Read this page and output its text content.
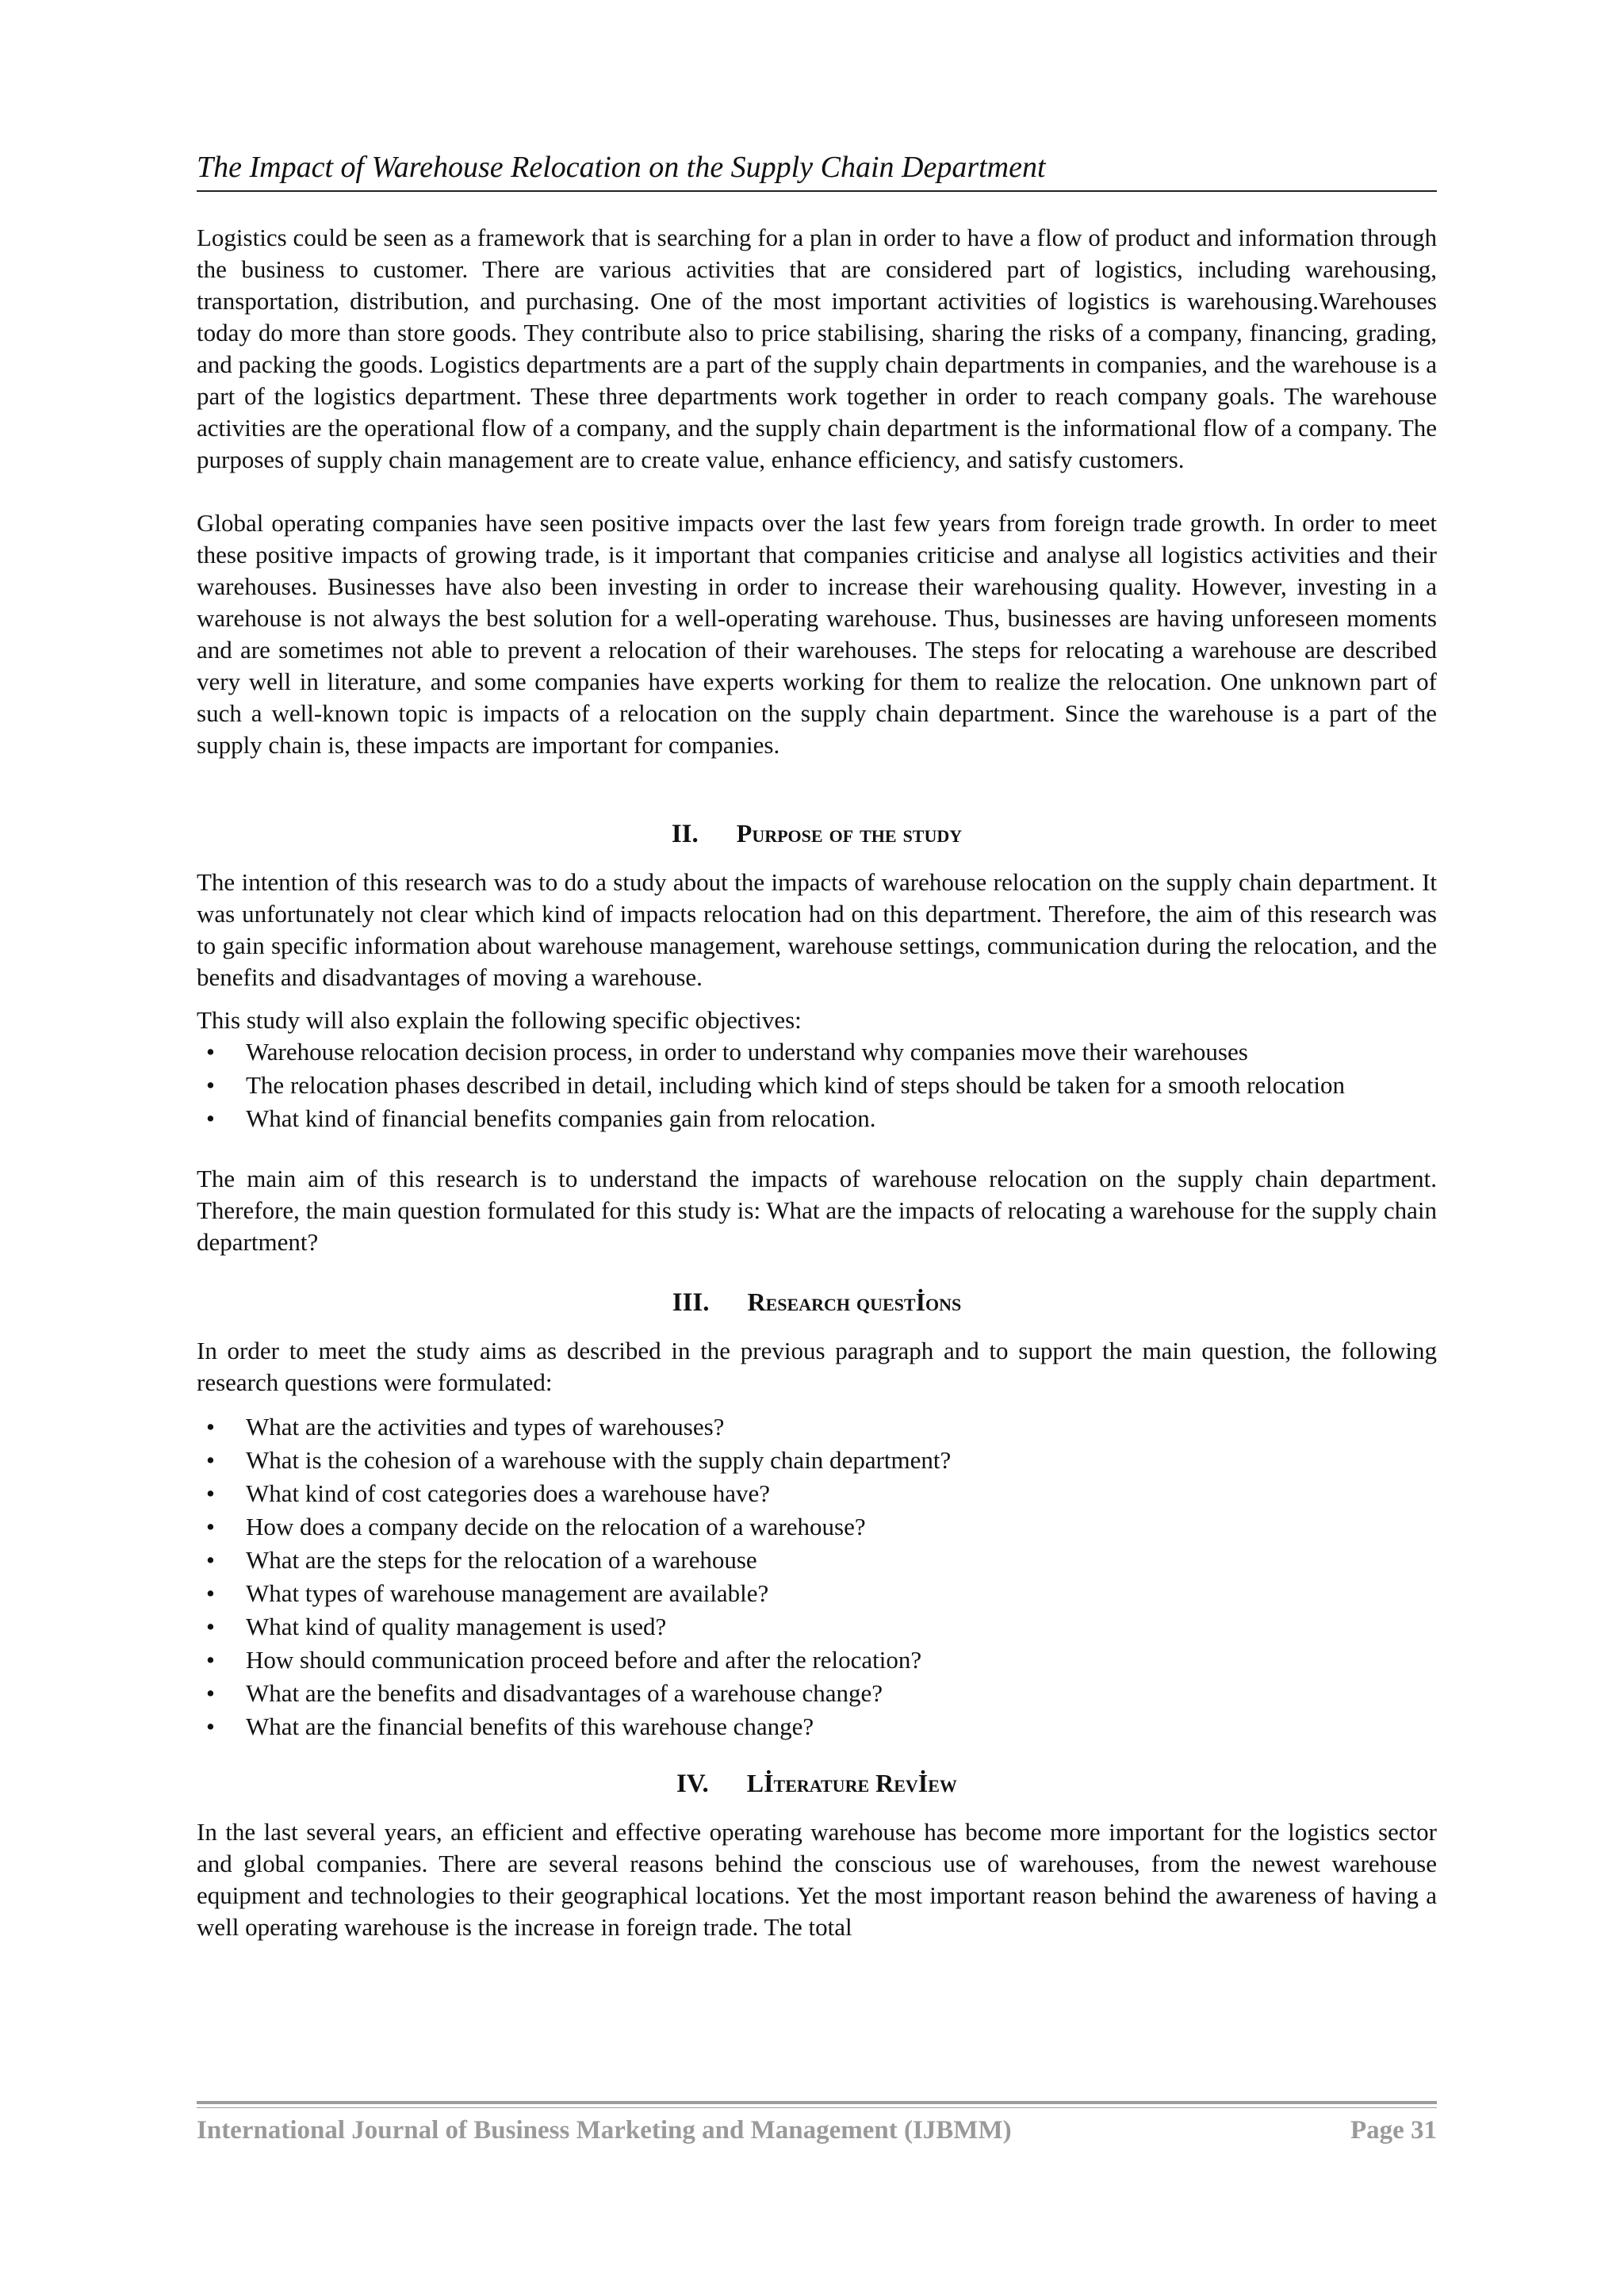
The Impact of Warehouse Relocation on the Supply Chain Department

Logistics could be seen as a framework that is searching for a plan in order to have a flow of product and information through the business to customer. There are various activities that are considered part of logistics, including warehousing, transportation, distribution, and purchasing. One of the most important activities of logistics is warehousing.Warehouses today do more than store goods. They contribute also to price stabilising, sharing the risks of a company, financing, grading, and packing the goods. Logistics departments are a part of the supply chain departments in companies, and the warehouse is a part of the logistics department. These three departments work together in order to reach company goals. The warehouse activities are the operational flow of a company, and the supply chain department is the informational flow of a company. The purposes of supply chain management are to create value, enhance efficiency, and satisfy customers.

Global operating companies have seen positive impacts over the last few years from foreign trade growth. In order to meet these positive impacts of growing trade, is it important that companies criticise and analyse all logistics activities and their warehouses. Businesses have also been investing in order to increase their warehousing quality. However, investing in a warehouse is not always the best solution for a well-operating warehouse. Thus, businesses are having unforeseen moments and are sometimes not able to prevent a relocation of their warehouses. The steps for relocating a warehouse are described very well in literature, and some companies have experts working for them to realize the relocation. One unknown part of such a well-known topic is impacts of a relocation on the supply chain department. Since the warehouse is a part of the supply chain is, these impacts are important for companies.

II. Purpose of the study

The intention of this research was to do a study about the impacts of warehouse relocation on the supply chain department. It was unfortunately not clear which kind of impacts relocation had on this department. Therefore, the aim of this research was to gain specific information about warehouse management, warehouse settings, communication during the relocation, and the benefits and disadvantages of moving a warehouse.

This study will also explain the following specific objectives:

• Warehouse relocation decision process, in order to understand why companies move their warehouses
• The relocation phases described in detail, including which kind of steps should be taken for a smooth relocation
• What kind of financial benefits companies gain from relocation.

The main aim of this research is to understand the impacts of warehouse relocation on the supply chain department. Therefore, the main question formulated for this study is: What are the impacts of relocating a warehouse for the supply chain department?

III. Research questİons

In order to meet the study aims as described in the previous paragraph and to support the main question, the following research questions were formulated:

• What are the activities and types of warehouses?
• What is the cohesion of a warehouse with the supply chain department?
• What kind of cost categories does a warehouse have?
• How does a company decide on the relocation of a warehouse?
• What are the steps for the relocation of a warehouse
• What types of warehouse management are available?
• What kind of quality management is used?
• How should communication proceed before and after the relocation?
• What are the benefits and disadvantages of a warehouse change?
• What are the financial benefits of this warehouse change?
IV. Lİterature Revİew

In the last several years, an efficient and effective operating warehouse has become more important for the logistics sector and global companies. There are several reasons behind the conscious use of warehouses, from the newest warehouse equipment and technologies to their geographical locations. Yet the most important reason behind the awareness of having a well operating warehouse is the increase in foreign trade. The total

International Journal of Business Marketing and Management (IJBMM)	Page 31
